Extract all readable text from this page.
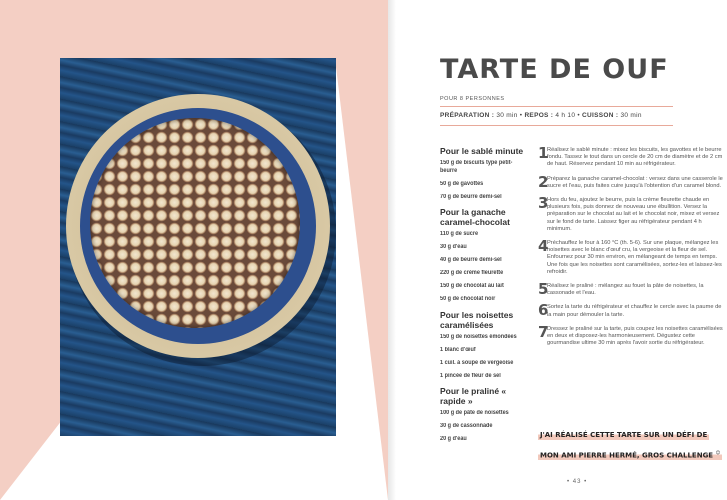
TARTE DE OUF
POUR 8 PERSONNES
PRÉPARATION : 30 min • REPOS : 4 h 10 • CUISSON : 30 min
Pour le sablé minute
150 g de biscuits type petit-beurre
50 g de gavottes
70 g de beurre demi-sel
Pour la ganache caramel-chocolat
110 g de sucre
30 g d'eau
40 g de beurre demi-sel
220 g de crème fleurette
150 g de chocolat au lait
50 g de chocolat noir
Pour les noisettes caramélisées
150 g de noisettes émondées
1 blanc d'œuf
1 cuil. à soupe de vergeoise
1 pincée de fleur de sel
Pour le praliné « rapide »
100 g de pâte de noisettes
30 g de cassonnade
20 g d'eau
1
Réalisez le sablé minute : mixez les biscuits, les gavottes et le beurre fondu. Tassez le tout dans un cercle de 20 cm de diamètre et de 2 cm de haut. Réservez pendant 10 min au réfrigérateur.
2
Préparez la ganache caramel-chocolat : versez dans une casserole le sucre et l'eau, puis faites cuire jusqu'à l'obtention d'un caramel blond.
3
Hors du feu, ajoutez le beurre, puis la crème fleurette chaude en plusieurs fois, puis donnez de nouveau une ébullition. Versez la préparation sur le chocolat au lait et le chocolat noir, mixez et versez sur le fond de tarte. Laissez figer au réfrigérateur pendant 4 h minimum.
4
Préchauffez le four à 160 °C (th. 5-6). Sur une plaque, mélangez les noisettes avec le blanc d'œuf cru, la vergeoise et la fleur de sel. Enfournez pour 30 min environ, en mélangeant de temps en temps. Une fois que les noisettes sont caramélisées, sortez-les et laissez-les refroidir.
5
Réalisez le praliné : mélangez au fouet la pâte de noisettes, la cassonade et l'eau.
6
Sortez la tarte du réfrigérateur et chauffez le cercle avec la paume de la main pour démouler la tarte.
7
Dressez le praliné sur la tarte, puis coupez les noisettes caramélisées en deux et disposez-les harmonieusement. Dégustez cette gourmandise ultime 30 min après l'avoir sortie du réfrigérateur.
J'AI RÉALISÉ CETTE TARTE SUR UN DÉFI DE
MON AMI PIERRE HERMÉ, GROS CHALLENGE ☺
• 43 •
